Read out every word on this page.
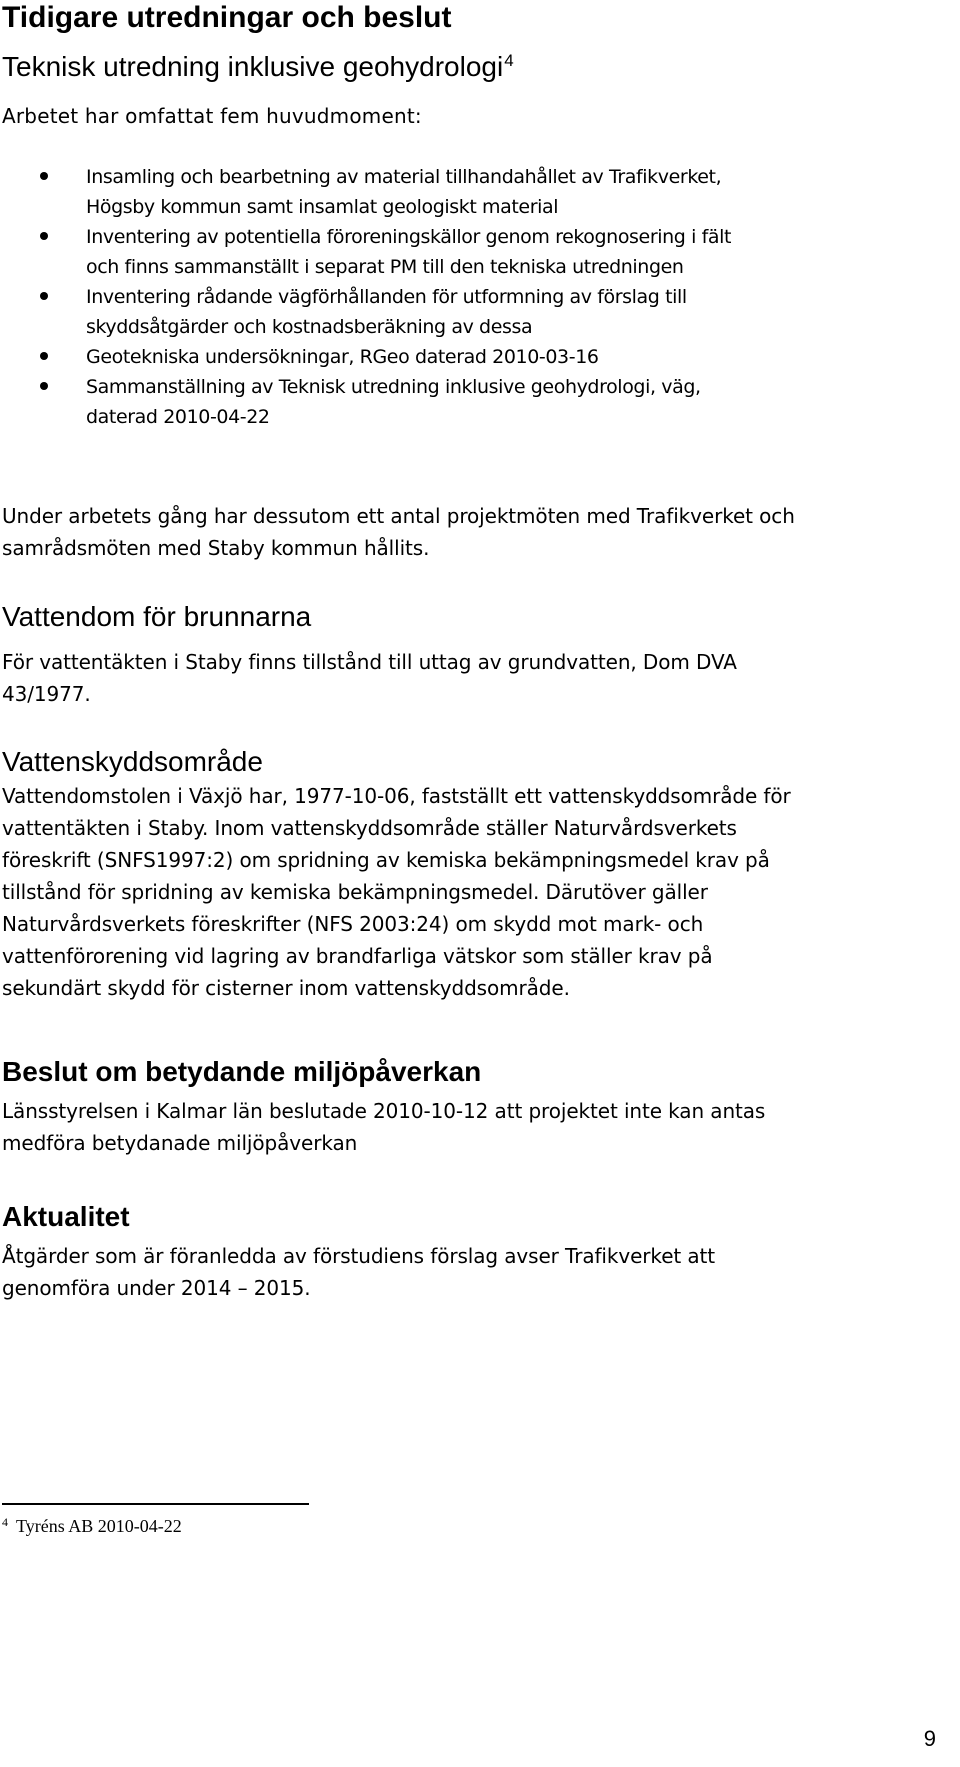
Tidigare utredningar och beslut
Teknisk utredning inklusive geohydrologi$^4$

Arbetet har omfattat fem huvudmoment:

Insamling och bearbetning av material tillhandahållet av Trafikverket,
Högsby kommun samt insamlat geologiskt material
Inventering av potentiella föroreningskällor genom rekognosering i fält
och finns sammanställt i separat PM till den tekniska utredningen
Inventering rådande vägförhållanden för utformning av förslag till
skyddsåtgärder och kostnadsberäkning av dessa
Geotekniska undersökningar, RGeo daterad 2010-03-16
Sammanställning av Teknisk utredning inklusive geohydrologi, väg,
daterad 2010-04-22

Under arbetets gång har dessutom ett antal projektmöten med Trafikverket och
samrådsmöten med Staby kommun hållits.

Vattendom för brunnarna

För vattentäkten i Staby finns tillstånd till uttag av grundvatten, Dom DVA
43/1977.

Vattenskyddsområde

Vattendomstolen i Växjö har, 1977-10-06, fastställt ett vattenskyddsområde för
vattentäkten i Staby. Inom vattenskyddsområde ställer Naturvårdsverkets
föreskrift (SNFS1997:2) om spridning av kemiska bekämpningsmedel krav på
tillstånd för spridning av kemiska bekämpningsmedel. Därutöver gäller
Naturvårdsverkets föreskrifter (NFS 2003:24) om skydd mot mark- och
vattenförorening vid lagring av brandfarliga vätskor som ställer krav på
sekundärt skydd för cisterner inom vattenskyddsområde.

Beslut om betydande miljöpåverkan

Länsstyrelsen i Kalmar län beslutade 2010-10-12 att projektet inte kan antas
medföra betydanade miljöpåverkan

Aktualitet

Åtgärder som är föranledda av förstudiens förslag avser Trafikverket att
genomföra under 2014 – 2015.

$^4$ Tyréns AB 2010-04-22
9
